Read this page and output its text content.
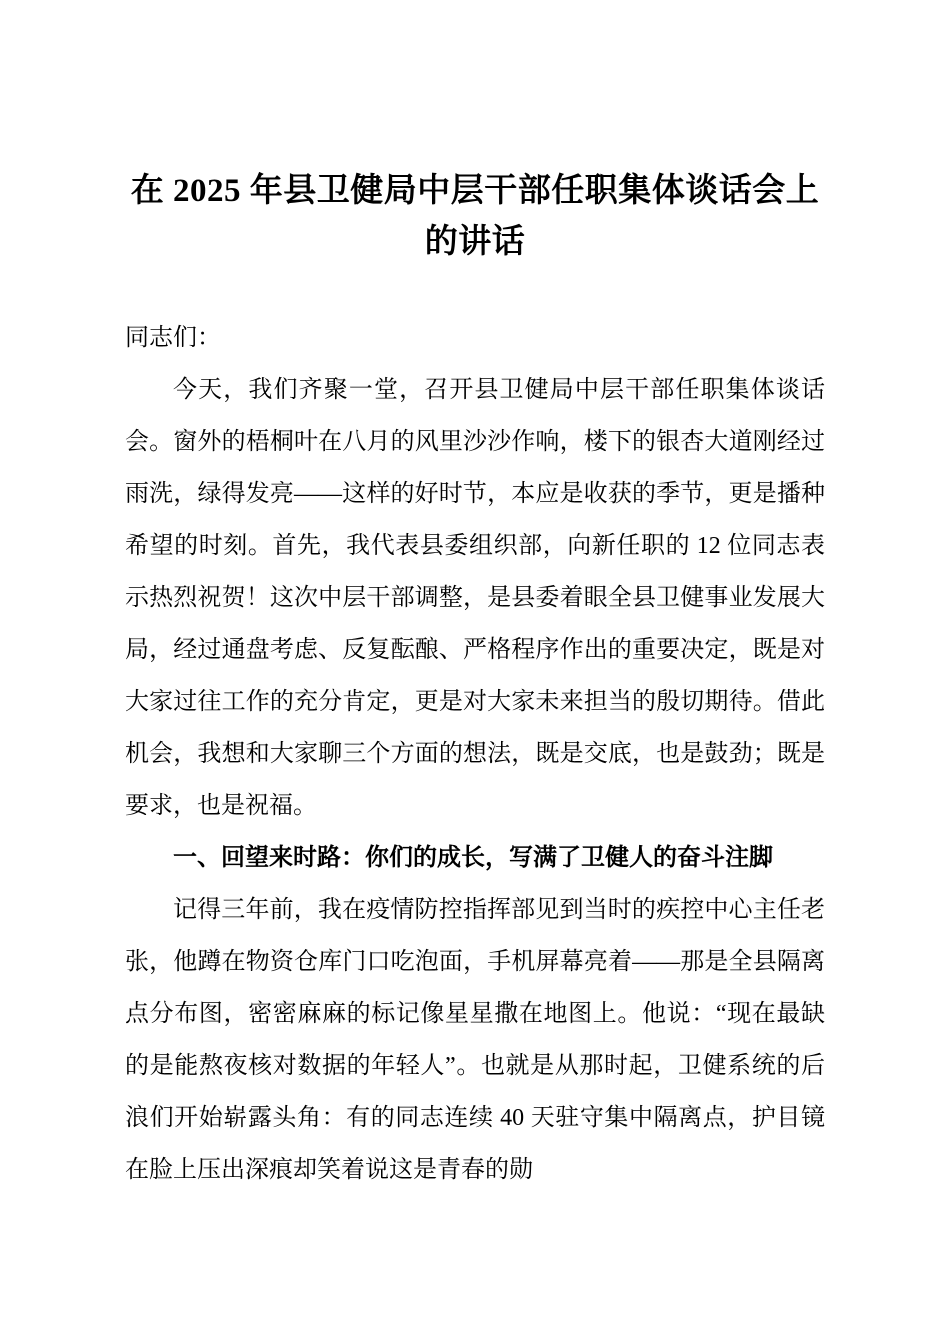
在 2025 年县卫健局中层干部任职集体谈话会上的讲话

同志们：

今天，我们齐聚一堂，召开县卫健局中层干部任职集体谈话会。窗外的梧桐叶在八月的风里沙沙作响，楼下的银杏大道刚经过雨洗，绿得发亮——这样的好时节，本应是收获的季节，更是播种希望的时刻。首先，我代表县委组织部，向新任职的 12 位同志表示热烈祝贺！这次中层干部调整，是县委着眼全县卫健事业发展大局，经过通盘考虑、反复酝酿、严格程序作出的重要决定，既是对大家过往工作的充分肯定，更是对大家未来担当的殷切期待。借此机会，我想和大家聊三个方面的想法，既是交底，也是鼓劲；既是要求，也是祝福。

一、回望来时路：你们的成长，写满了卫健人的奋斗注脚

记得三年前，我在疫情防控指挥部见到当时的疾控中心主任老张，他蹲在物资仓库门口吃泡面，手机屏幕亮着——那是全县隔离点分布图，密密麻麻的标记像星星撒在地图上。他说：“现在最缺的是能熬夜核对数据的年轻人”。也就是从那时起，卫健系统的后浪们开始崭露头角：有的同志连续 40 天驻守集中隔离点，护目镜在脸上压出深痕却笑着说这是青春的勋
